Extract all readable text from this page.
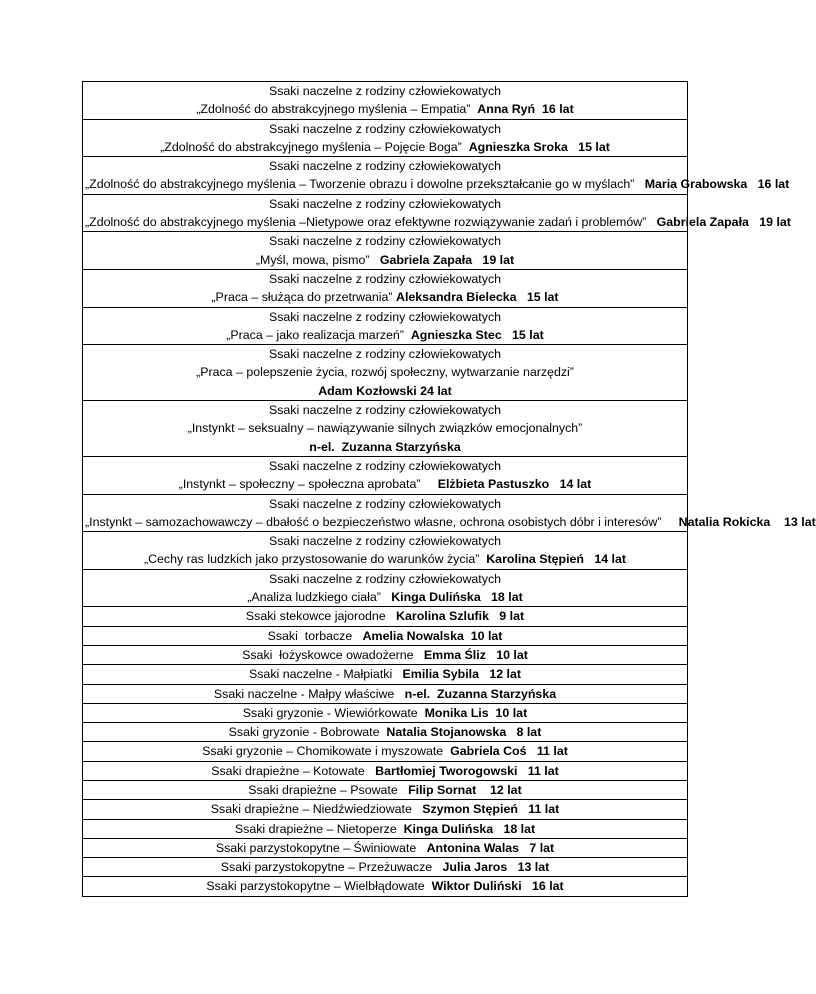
Ssaki naczelne z rodziny człowiekowatych
„Zdolność do abstrakcyjnego myślenia – Empatia”  Anna Ryń  16 lat

Ssaki naczelne z rodziny człowiekowatych
„Zdolność do abstrakcyjnego myślenia – Pojęcie Boga”  Agnieszka Sroka   15 lat

Ssaki naczelne z rodziny człowiekowatych
„Zdolność do abstrakcyjnego myślenia – Tworzenie obrazu i dowolne przekształcanie go w myślach”   Maria Grabowska   16 lat

Ssaki naczelne z rodziny człowiekowatych
„Zdolność do abstrakcyjnego myślenia –Nietypowe oraz efektywne rozwiązywanie zadań i problemów”   Gabriela Zapała   19 lat

Ssaki naczelne z rodziny człowiekowatych
„Myśl, mowa, pismo”   Gabriela Zapała   19 lat

Ssaki naczelne z rodziny człowiekowatych
„Praca – służąca do przetrwania” Aleksandra Bielecka   15 lat

Ssaki naczelne z rodziny człowiekowatych
„Praca – jako realizacja marzeń”  Agnieszka Stec   15 lat

Ssaki naczelne z rodziny człowiekowatych
„Praca – polepszenie życia, rozwój społeczny, wytwarzanie narzędzi”
Adam Kozłowski 24 lat

Ssaki naczelne z rodziny człowiekowatych
„Instynkt – seksualny – nawiązywanie silnych związków emocjonalnych”
n-el.  Zuzanna Starzyńska

Ssaki naczelne z rodziny człowiekowatych
„Instynkt – społeczny – społeczna aprobata”     Elżbieta Pastuszko   14 lat

Ssaki naczelne z rodziny człowiekowatych
„Instynkt – samozachowawczy – dbałość o bezpieczeństwo własne, ochrona osobistych dóbr i interesów”     Natalia Rokicka    13 lat

Ssaki naczelne z rodziny człowiekowatych
„Cechy ras ludzkich jako przystosowanie do warunków życia”  Karolina Stępień   14 lat

Ssaki naczelne z rodziny człowiekowatych
„Analiza ludzkiego ciała”   Kinga Dulińska   18 lat

Ssaki stekowce jajorodne   Karolina Szlufik   9 lat
Ssaki  torbacze   Amelia Nowalska  10 lat
Ssaki  łożyskowce owadożerne   Emma Śliz   10 lat
Ssaki naczelne - Małpiatki   Emilia Sybila   12 lat
Ssaki naczelne - Małpy właściwe   n-el.  Zuzanna Starzyńska
Ssaki gryzonie - Wiewiórkowate  Monika Lis  10 lat
Ssaki gryzonie - Bobrowate  Natalia Stojanowska   8 lat
Ssaki gryzonie – Chomikowate i myszowate  Gabriela Coś   11 lat
Ssaki drapieżne – Kotowate   Bartłomiej Tworogowski   11 lat
Ssaki drapieżne – Psowate   Filip Sornat    12 lat
Ssaki drapieżne – Niedźwiedziowate   Szymon Stępień   11 lat
Ssaki drapieżne – Nietoperze  Kinga Dulińska   18 lat
Ssaki parzystokopytne – Świniowate   Antonina Walas   7 lat
Ssaki parzystokopytne – Przeżuwacze   Julia Jaros   13 lat
Ssaki parzystokopytne – Wielbłądowate  Wiktor Duliński   16 lat
